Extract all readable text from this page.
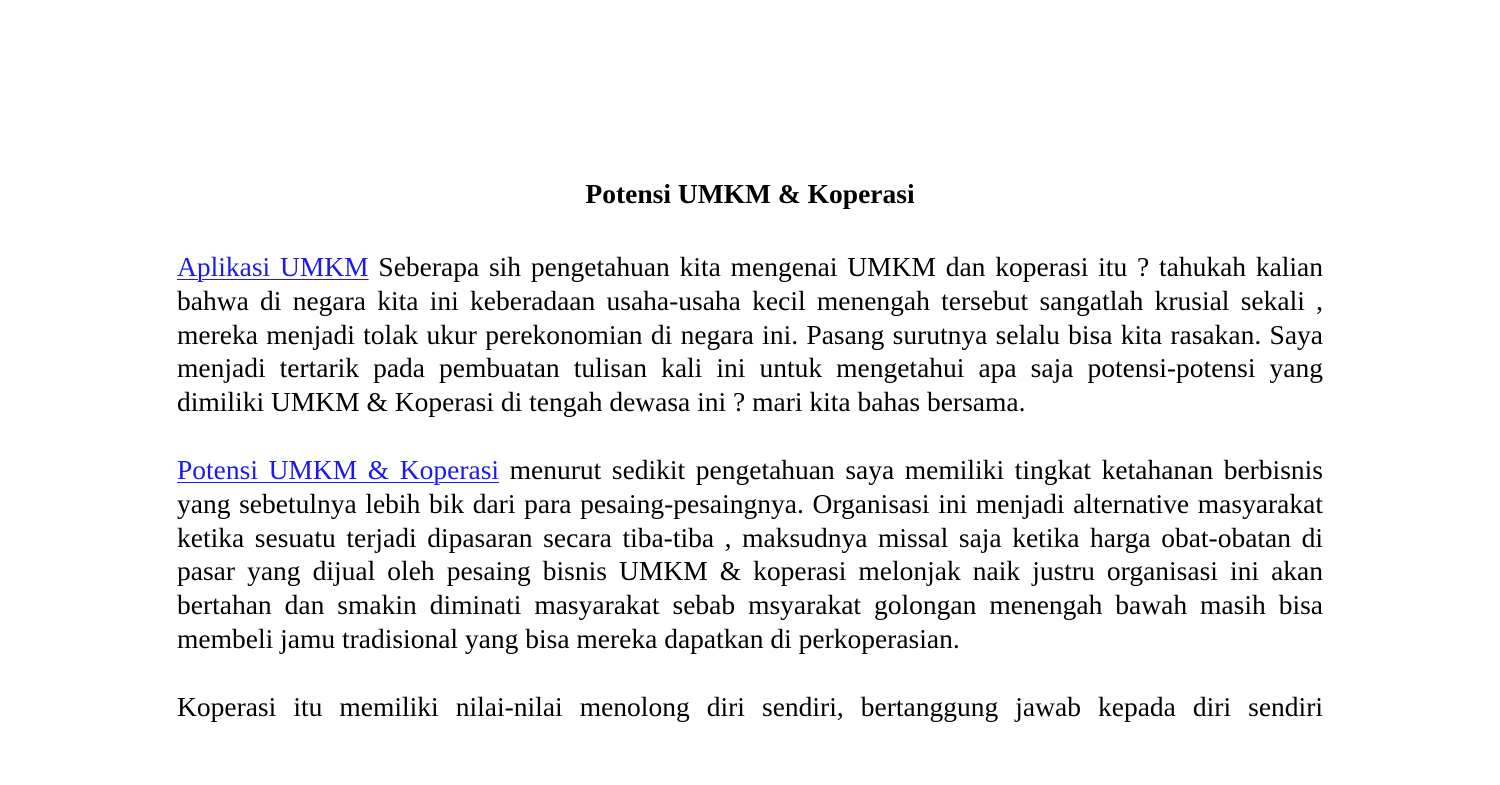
Potensi UMKM & Koperasi

Aplikasi UMKM Seberapa sih pengetahuan kita mengenai UMKM dan koperasi itu ? tahukah kalian bahwa di negara kita ini keberadaan usaha-usaha kecil menengah tersebut sangatlah krusial sekali , mereka menjadi tolak ukur perekonomian di negara ini. Pasang surutnya selalu bisa kita rasakan. Saya menjadi tertarik pada pembuatan tulisan kali ini untuk mengetahui apa saja potensi-potensi yang dimiliki UMKM & Koperasi di tengah dewasa ini ? mari kita bahas bersama.

Potensi UMKM & Koperasi menurut sedikit pengetahuan saya memiliki tingkat ketahanan berbisnis yang sebetulnya lebih bik dari para pesaing-pesaingnya. Organisasi ini menjadi alternative masyarakat ketika sesuatu terjadi dipasaran secara tiba-tiba , maksudnya missal saja ketika harga obat-obatan di pasar yang dijual oleh pesaing bisnis UMKM & koperasi melonjak naik justru organisasi ini akan bertahan dan smakin diminati masyarakat sebab msyarakat golongan menengah bawah masih bisa membeli jamu tradisional yang bisa mereka dapatkan di perkoperasian.

Koperasi itu memiliki nilai-nilai menolong diri sendiri, bertanggung jawab kepada diri sendiri
